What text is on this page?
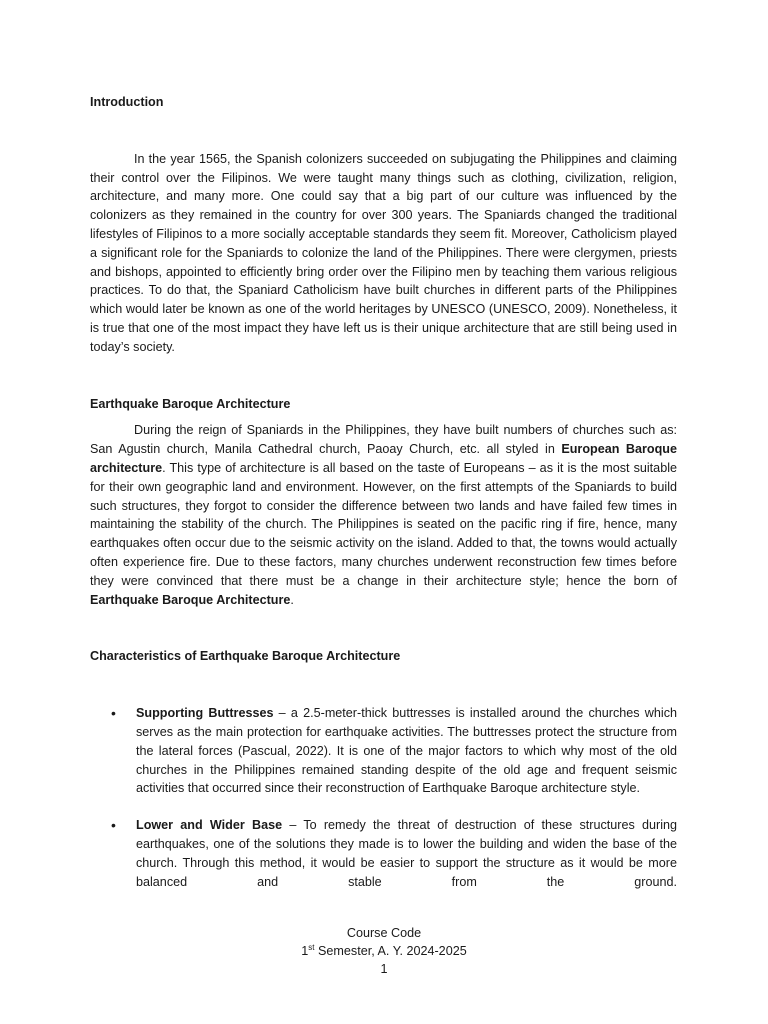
Introduction

In the year 1565, the Spanish colonizers succeeded on subjugating the Philippines and claiming their control over the Filipinos. We were taught many things such as clothing, civilization, religion, architecture, and many more. One could say that a big part of our culture was influenced by the colonizers as they remained in the country for over 300 years. The Spaniards changed the traditional lifestyles of Filipinos to a more socially acceptable standards they seem fit. Moreover, Catholicism played a significant role for the Spaniards to colonize the land of the Philippines. There were clergymen, priests and bishops, appointed to efficiently bring order over the Filipino men by teaching them various religious practices. To do that, the Spaniard Catholicism have built churches in different parts of the Philippines which would later be known as one of the world heritages by UNESCO (UNESCO, 2009). Nonetheless, it is true that one of the most impact they have left us is their unique architecture that are still being used in today’s society.

Earthquake Baroque Architecture

During the reign of Spaniards in the Philippines, they have built numbers of churches such as: San Agustin church, Manila Cathedral church, Paoay Church, etc. all styled in European Baroque architecture. This type of architecture is all based on the taste of Europeans – as it is the most suitable for their own geographic land and environment. However, on the first attempts of the Spaniards to build such structures, they forgot to consider the difference between two lands and have failed few times in maintaining the stability of the church. The Philippines is seated on the pacific ring if fire, hence, many earthquakes often occur due to the seismic activity on the island. Added to that, the towns would actually often experience fire. Due to these factors, many churches underwent reconstruction few times before they were convinced that there must be a change in their architecture style; hence the born of Earthquake Baroque Architecture.

Characteristics of Earthquake Baroque Architecture
• Supporting Buttresses – a 2.5-meter-thick buttresses is installed around the churches which serves as the main protection for earthquake activities. The buttresses protect the structure from the lateral forces (Pascual, 2022). It is one of the major factors to which why most of the old churches in the Philippines remained standing despite of the old age and frequent seismic activities that occurred since their reconstruction of Earthquake Baroque architecture style.
• Lower and Wider Base – To remedy the threat of destruction of these structures during earthquakes, one of the solutions they made is to lower the building and widen the base of the church. Through this method, it would be easier to support the structure as it would be more balanced and stable from the ground.
Course Code
1st Semester, A. Y. 2024-2025
1
